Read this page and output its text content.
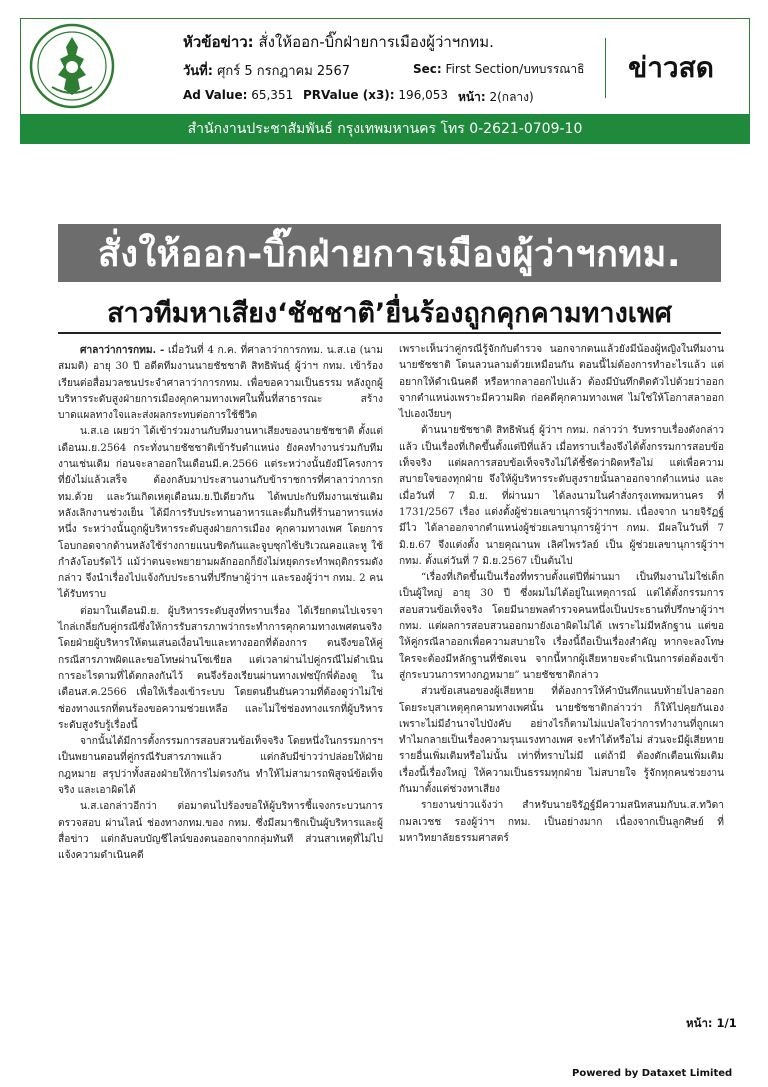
หัวข้อข่าว: สั่งให้ออก-บิ๊กฝ่ายการเมืองผู้ว่าฯกทม.
วันที่: ศุกร์ 5 กรกฎาคม 2567	Sec: First Section/บทบรรณาธิ
Ad Value: 65,351 PRValue (x3): 196,053 หน้า: 2(กลาง)
ข่าวสด
สำนักงานประชาสัมพันธ์ กรุงเทพมหานคร โทร 0-2621-0709-10
สั่งให้ออก-บิ๊กฝ่ายการเมืองผู้ว่าฯกทม.
สาวทีมหาเสียง‘ชัชชาติ’ยื่นร้องถูกคุกคามทางเพศ

ศาลาว่าการกทม. - เมื่อวันที่ 4 ก.ค. ที่ศาลาว่าการกทม. น.ส.เอ (นามสมมติ) อายุ 30 ปี อดีตทีมงานนายชัชชาติ สิทธิพันธุ์ ผู้ว่าฯ กทม. เข้าร้องเรียนต่อสื่อมวลชนประจำศาลาว่าการกทม. เพื่อขอความเป็นธรรม หลังถูกผู้บริหารระดับสูงฝ่ายการเมืองคุกคามทางเพศในพื้นที่สาธารณะ สร้างบาดแผลทางใจและส่งผลกระทบต่อการใช้ชีวิต

น.ส.เอ เผยว่า ได้เข้าร่วมงานกับทีมงานหาเสียงของนายชัชชาติ ตั้งแต่เดือนม.ย.2564 กระทั่งนายชัชชาติเข้ารับตำแหน่ง ยังคงทำงานร่วมกับทีมงานเช่นเดิม ก่อนจะลาออกในเดือนมี.ค.2566 แต่ระหว่างนั้นยังมีโครงการที่ยังไม่แล้วเสร็จ ต้องกลับมาประสานงานกับข้าราชการที่ศาลาว่าการกทม.ด้วย และวันเกิดเหตุเดือนม.ย.ปีเดียวกัน ได้พบปะกับทีมงานเช่นเดิม หลังเลิกงานช่วงเย็น ได้มีการรับประทานอาหารและดื่มกินที่ร้านอาหารแห่งหนึ่ง ระหว่างนั้นถูกผู้บริหารระดับสูงฝ่ายการเมือง คุกคามทางเพศ โดยการโอบกอดจากด้านหลังใช้ร่างกายแนบชิดกันและจูบซุกไซ้บริเวณคอและหู ใช้กำลังโอบรัดไว้ แม้ว่าตนจะพยายามผลักออกก็ยังไม่หยุดกระทำพฤติกรรมดังกล่าว จึงนำเรื่องไปแจ้งกับประธานที่ปรึกษาผู้ว่าฯ และรองผู้ว่าฯ กทม. 2 คนได้รับทราบ

ต่อมาในเดือนมิ.ย. ผู้บริหารระดับสูงที่ทราบเรื่อง ได้เรียกตนไปเจรจาไกล่เกลี่ยกับคู่กรณีซึ่งให้การรับสารภาพว่ากระทำการคุกคามทางเพศตนจริง โดยฝ่ายผู้บริหารให้ตนเสนอเงื่อนไขและทางออกที่ต้องการ ตนจึงขอให้คู่กรณีสารภาพผิดและขอโทษผ่านโซเชียล แต่เวลาผ่านไปคู่กรณีไม่ดำเนินการอะไรตามที่ได้ตกลงกันไว้ ตนจึงร้องเรียนผ่านทางเฟซบุ๊กพี่ต้องดู ในเดือนส.ค.2566 เพื่อให้เรื่องเข้าระบบ โดยตนยืนยันความที่ต้องดูว่าไม่ใช่ช่องทางแรกที่ตนร้องขอความช่วยเหลือ และไม่ใช่ช่องทางแรกที่ผู้บริหารระดับสูงรับรู้เรื่องนี้

จากนั้นได้มีการตั้งกรรมการสอบสวนข้อเท็จจริง โดยหนึ่งในกรรมการฯ เป็นพยานตอนที่คู่กรณีรับสารภาพแล้ว แต่กลับมีข่าวว่าปล่อยให้ฝ่ายกฎหมาย สรุปว่าทั้งสองฝ่ายให้การไม่ตรงกัน ทำให้ไม่สามารถพิสูจน์ข้อเท็จจริง และเอาผิดได้

น.ส.เอกล่าวอีกว่า ต่อมาตนไปร้องขอให้ผู้บริหารชี้แจงกระบวนการตรวจสอบ ผ่านไลน์ ช่องทางกทม.ของ กทม. ซึ่งมีสมาชิกเป็นผู้บริหารและผู้สื่อข่าว แต่กลับลบบัญชีไลน์ของตนออกจากกลุ่มทันที ส่วนสาเหตุที่ไม่ไปแจ้งความดำเนินคดี

เพราะเห็นว่าคู่กรณีรู้จักกับตำรวจ นอกจากตนแล้วยังมีน้องผู้หญิงในทีมงานนายชัชชาติ โดนลวนลามด้วยเหมือนกัน ตอนนี้ไม่ต้องการทำอะไรแล้ว แต่อยากให้ดำเนินคดี หรือหากลาออกไปแล้ว ต้องมีบันทึกติดตัวไปด้วยว่าออกจากตำแหน่งเพราะมีความผิด ก่อคดีคุกคามทางเพศ ไม่ใช่ให้โอกาสลาออกไปเองเงียบๆ

ด้านนายชัชชาติ สิทธิพันธุ์ ผู้ว่าฯ กทม. กล่าวว่า รับทราบเรื่องดังกล่าวแล้ว เป็นเรื่องที่เกิดขึ้นตั้งแต่ปีที่แล้ว เมื่อทราบเรื่องจึงได้ตั้งกรรมการสอบข้อเท็จจริง แต่ผลการสอบข้อเท็จจริงไม่ได้ชี้ชัดว่าผิดหรือไม่ แต่เพื่อความสบายใจของทุกฝ่าย จึงให้ผู้บริหารระดับสูงรายนั้นลาออกจากตำแหน่ง และเมื่อวันที่ 7 มิ.ย. ที่ผ่านมา ได้ลงนามในคำสั่งกรุงเทพมหานคร ที่ 1731/2567 เรื่อง แต่งตั้งผู้ช่วยเลขานุการผู้ว่าฯกทม. เนื่องจาก นายจิรัฏฐ์ มีไว ได้ลาออกจากตำแหน่งผู้ช่วยเลขานุการผู้ว่าฯ กทม. มีผลในวันที่ 7 มิ.ย.67 จึงแต่งตั้ง นายคุณานพ เลิศไพรวัลย์ เป็น ผู้ช่วยเลขานุการผู้ว่าฯ กทม. ตั้งแต่วันที่ 7 มิ.ย.2567 เป็นต้นไป

“เรื่องที่เกิดขึ้นเป็นเรื่องที่ทราบตั้งแต่ปีที่ผ่านมา เป็นทีมงานไม่ใช่เด็กเป็นผู้ใหญ่ อายุ 30 ปี ซึ่งผมไม่ได้อยู่ในเหตุการณ์ แต่ได้ตั้งกรรมการสอบสวนข้อเท็จจริง โดยมีนายพลตำรวจคนหนึ่งเป็นประธานที่ปรึกษาผู้ว่าฯ กทม. แต่ผลการสอบสวนออกมายังเอาผิดไม่ได้ เพราะไม่มีหลักฐาน แต่ขอให้คู่กรณีลาออกเพื่อความสบายใจ เรื่องนี้ถือเป็นเรื่องสำคัญ หากจะลงโทษใครจะต้องมีหลักฐานที่ชัดเจน จากนี้หากผู้เสียหายจะดำเนินการต่อต้องเข้าสู่กระบวนการทางกฎหมาย” นายชัชชาติกล่าว

ส่วนข้อเสนอของผู้เสียหาย ที่ต้องการให้คำบันทึกแนบท้ายไปลาออกโดยระบุสาเหตุคุกคามทางเพศนั้น นายชัชชาติกล่าวว่า ก็ให้ไปคุยกันเอง เพราะไม่มีอำนาจไปบังคับ อย่างไรก็ตามไม่แปลใจว่าการทำงานที่ถูกเผาทำไมกลายเป็นเรื่องความรุนแรงทางเพศ จะทำได้หรือไม่ ส่วนจะมีผู้เสียหายรายอื่นเพิ่มเติมหรือไม่นั้น เท่าที่ทราบไม่มี แต่ถ้ามี ต้องตักเตือนเพิ่มเติม เรื่องนี้เรื่องใหญ่ ให้ความเป็นธรรมทุกฝ่าย ไม่สบายใจ รู้จักทุกคนช่วยงานกันมาตั้งแต่ช่วงหาเสียง

รายงานข่าวแจ้งว่า สำหรับนายจิรัฏฐ์มีความสนิทสนมกับน.ส.ทวิดา กมลเวชช รองผู้ว่าฯ กทม. เป็นอย่างมาก เนื่องจากเป็นลูกศิษย์ ที่มหาวิทยาลัยธรรมศาสตร์

หน้า: 1/1
Powered by Dataxet Limited
